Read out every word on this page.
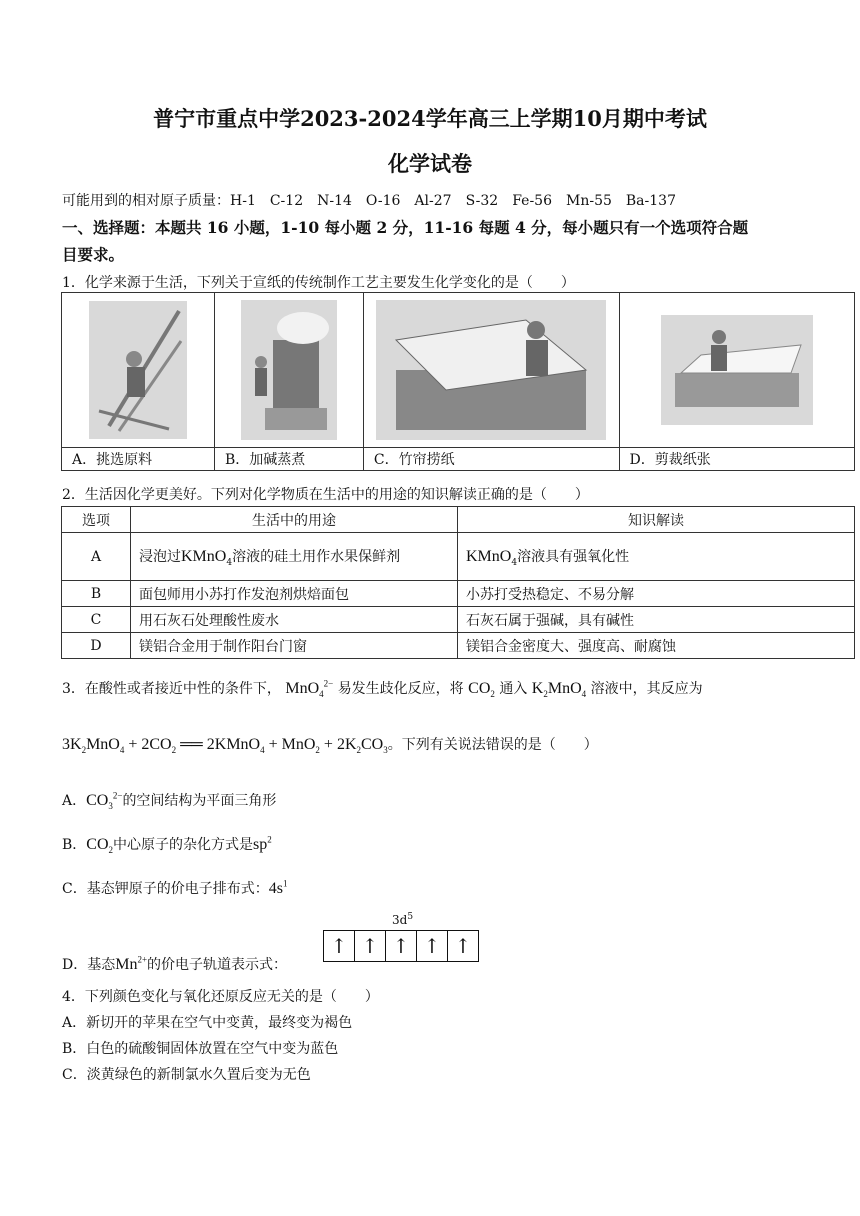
普宁市重点中学2023-2024学年高三上学期10月期中考试
化学试卷
可能用到的相对原子质量：H-1　C-12　N-14　O-16　Al-27　S-32　Fe-56　Mn-55　Ba-137
一、选择题：本题共 16 小题，1-10 每小题 2 分，11-16 每题 4 分，每小题只有一个选项符合题
目要求。
1．化学来源于生活，下列关于宣纸的传统制作工艺主要发生化学变化的是（　　）

A．挑选原料	B．加碱蒸煮	C．竹帘捞纸	D．剪裁纸张
2．生活因化学更美好。下列对化学物质在生活中的用途的知识解读正确的是（　　）
选项	生活中的用途	知识解读
A	浸泡过KMnO$_4$溶液的硅土用作水果保鲜剂	KMnO$_4$溶液具有强氧化性
B	面包师用小苏打作发泡剂烘焙面包	小苏打受热稳定、不易分解
C	用石灰石处理酸性废水	石灰石属于强碱，具有碱性
D	镁铝合金用于制作阳台门窗	镁铝合金密度大、强度高、耐腐蚀
3．在酸性或者接近中性的条件下， MnO$_4^{2-}$ 易发生歧化反应，将 $CO_2$ 通入 $K_2MnO_4$ 溶液中，其反应为
$3K_2MnO_4 + 2CO_2$ ══ 2KMnO$_4$ + $MnO_2 + 2K_2CO_3$。下列有关说法错误的是（　　）
A．$CO_3^{2-}$的空间结构为平面三角形
B．$CO_2$中心原子的杂化方式是$sp^2$
C．基态钾原子的价电子排布式：$4s^1$
$3d^5$
D．基态$Mn^{2+}$的价电子轨道表示式：
↑ ↑ ↑ ↑ ↑
4．下列颜色变化与氧化还原反应无关的是（　　）
A．新切开的苹果在空气中变黄，最终变为褐色
B．白色的硫酸铜固体放置在空气中变为蓝色
C．淡黄绿色的新制氯水久置后变为无色
